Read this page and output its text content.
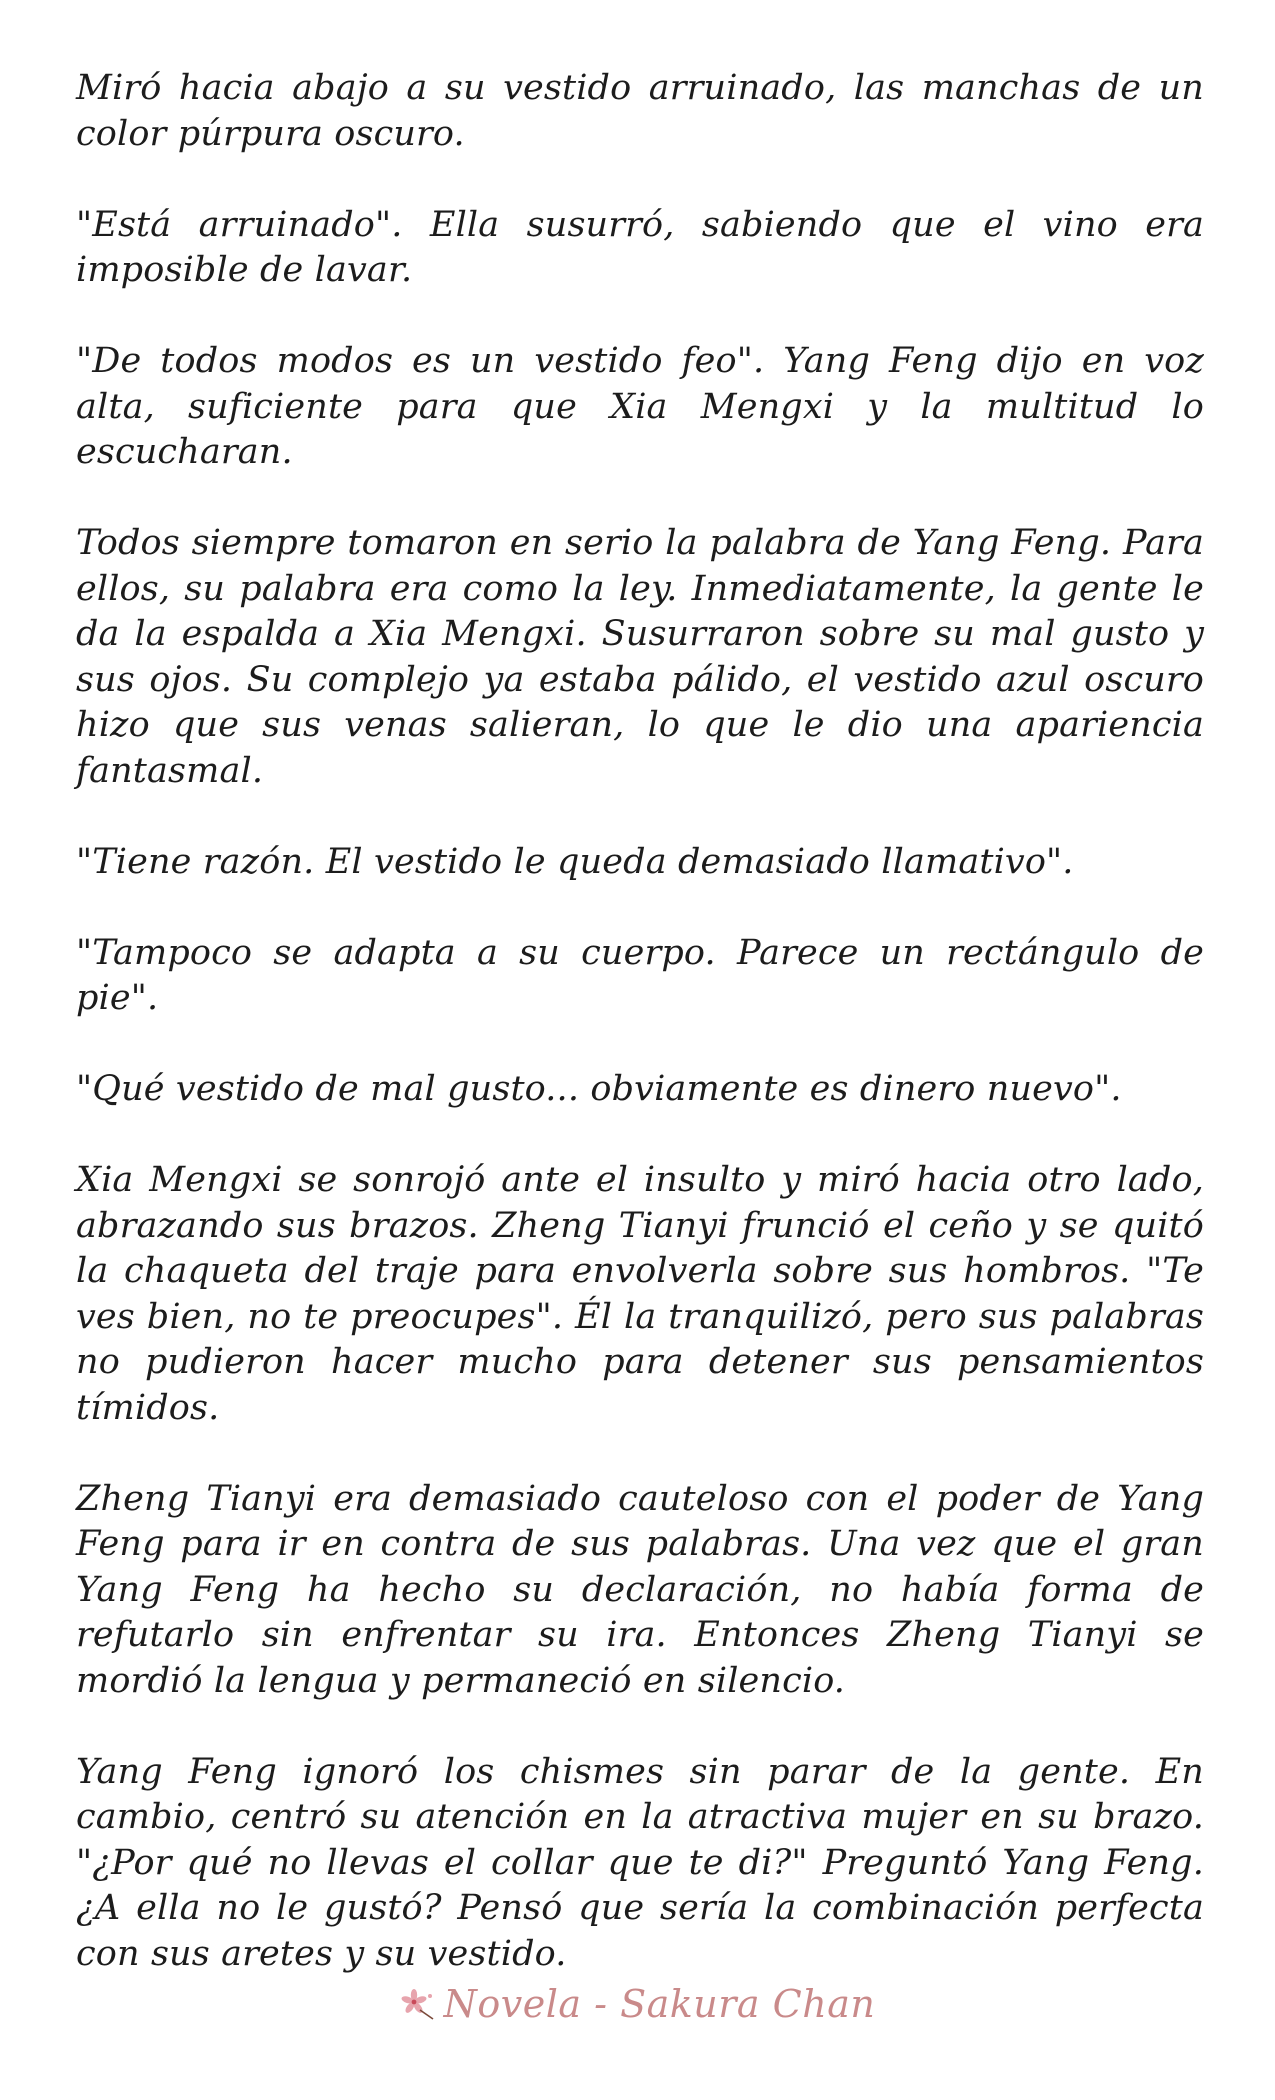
Miró hacia abajo a su vestido arruinado, las manchas de un color púrpura oscuro.

"Está arruinado". Ella susurró, sabiendo que el vino era imposible de lavar.

"De todos modos es un vestido feo". Yang Feng dijo en voz alta, suficiente para que Xia Mengxi y la multitud lo escucharan.

Todos siempre tomaron en serio la palabra de Yang Feng. Para ellos, su palabra era como la ley. Inmediatamente, la gente le da la espalda a Xia Mengxi. Susurraron sobre su mal gusto y sus ojos. Su complejo ya estaba pálido, el vestido azul oscuro hizo que sus venas salieran, lo que le dio una apariencia fantasmal.

"Tiene razón. El vestido le queda demasiado llamativo".

"Tampoco se adapta a su cuerpo. Parece un rectángulo de pie".

"Qué vestido de mal gusto... obviamente es dinero nuevo".

Xia Mengxi se sonrojó ante el insulto y miró hacia otro lado, abrazando sus brazos. Zheng Tianyi frunció el ceño y se quitó la chaqueta del traje para envolverla sobre sus hombros. "Te ves bien, no te preocupes". Él la tranquilizó, pero sus palabras no pudieron hacer mucho para detener sus pensamientos tímidos.

Zheng Tianyi era demasiado cauteloso con el poder de Yang Feng para ir en contra de sus palabras. Una vez que el gran Yang Feng ha hecho su declaración, no había forma de refutarlo sin enfrentar su ira. Entonces Zheng Tianyi se mordió la lengua y permaneció en silencio.

Yang Feng ignoró los chismes sin parar de la gente. En cambio, centró su atención en la atractiva mujer en su brazo. "¿Por qué no llevas el collar que te di?" Preguntó Yang Feng. ¿A ella no le gustó? Pensó que sería la combinación perfecta con sus aretes y su vestido.

Novela - Sakura Chan
